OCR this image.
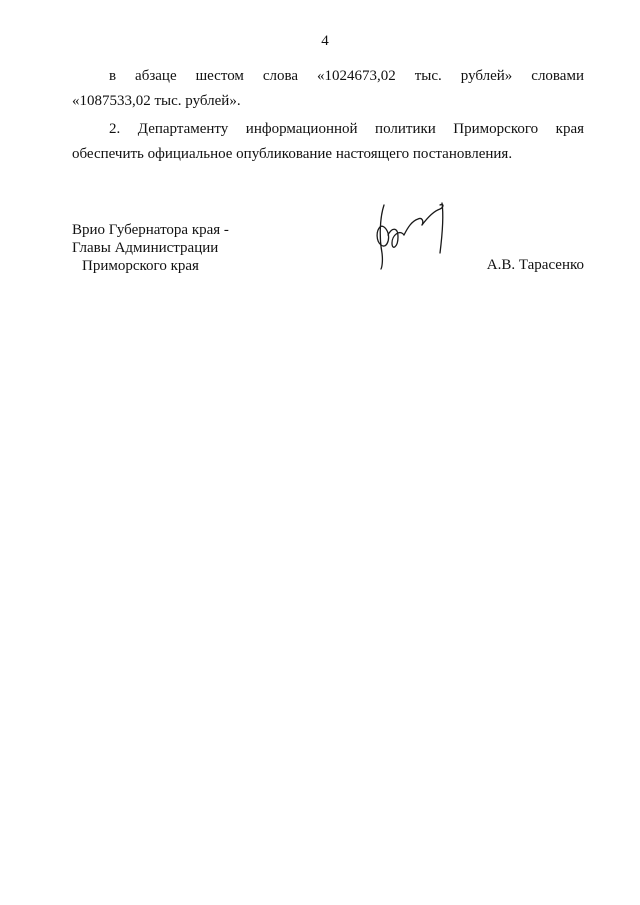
4
в абзаце шестом слова «1024673,02 тыс. рублей» словами
«1087533,02 тыс. рублей».
2. Департаменту информационной политики Приморского края
обеспечить официальное опубликование настоящего постановления.
Врио Губернатора края -
Главы Администрации
Приморского края	А.В. Тарасенко
